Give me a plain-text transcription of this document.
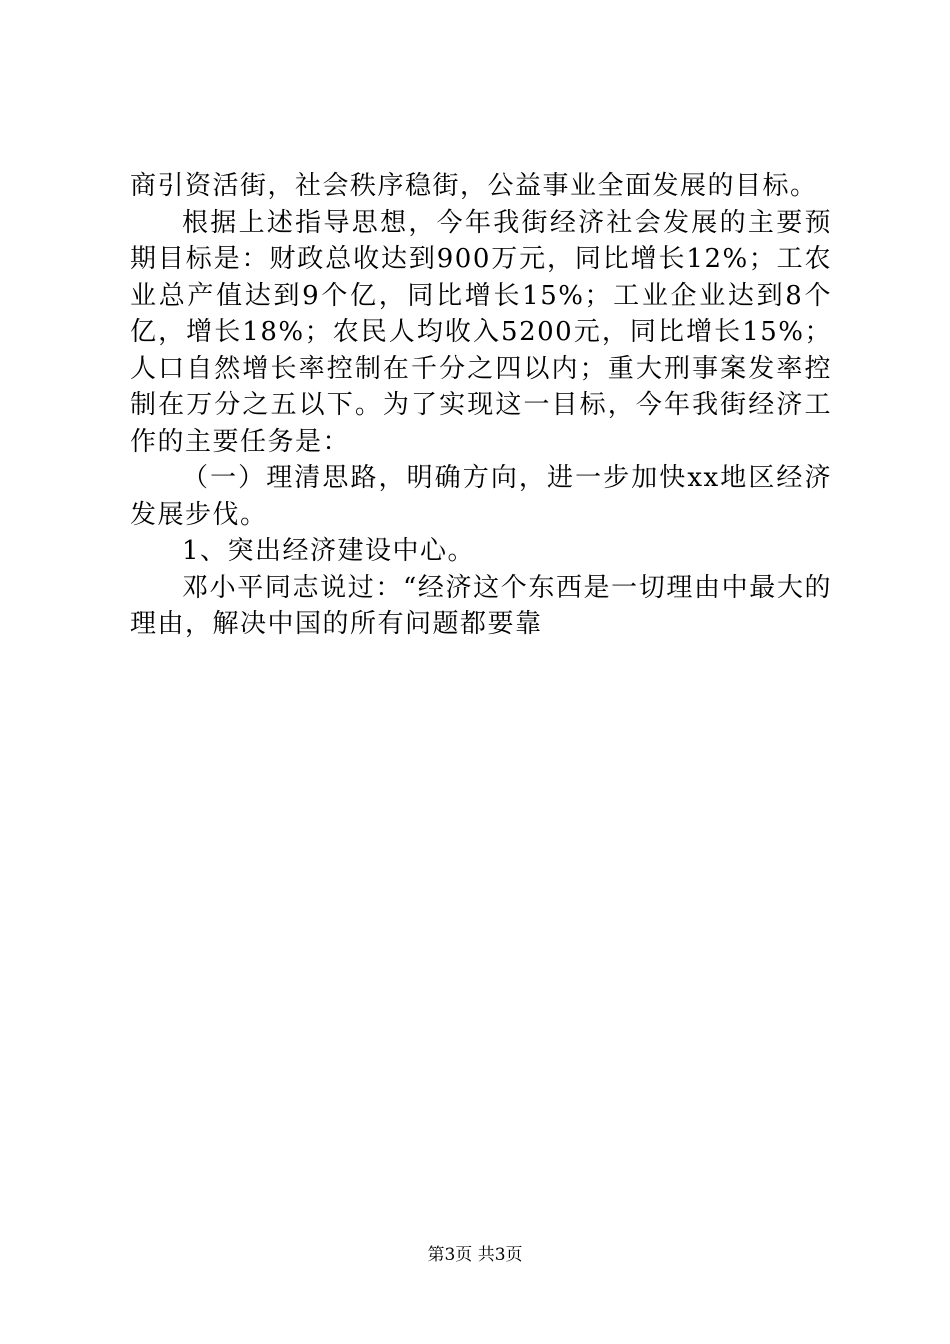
商引资活街，社会秩序稳街，公益事业全面发展的目标。

根据上述指导思想，今年我街经济社会发展的主要预期目标是：财政总收达到900万元，同比增长12%；工农业总产值达到9个亿，同比增长15%；工业企业达到8个亿，增长18%；农民人均收入5200元，同比增长15%；人口自然增长率控制在千分之四以内；重大刑事案发率控制在万分之五以下。为了实现这一目标，今年我街经济工作的主要任务是：

（一）理清思路，明确方向，进一步加快xx地区经济发展步伐。

1、突出经济建设中心。

邓小平同志说过：“经济这个东西是一切理由中最大的理由，解决中国的所有问题都要靠

第3页 共3页
